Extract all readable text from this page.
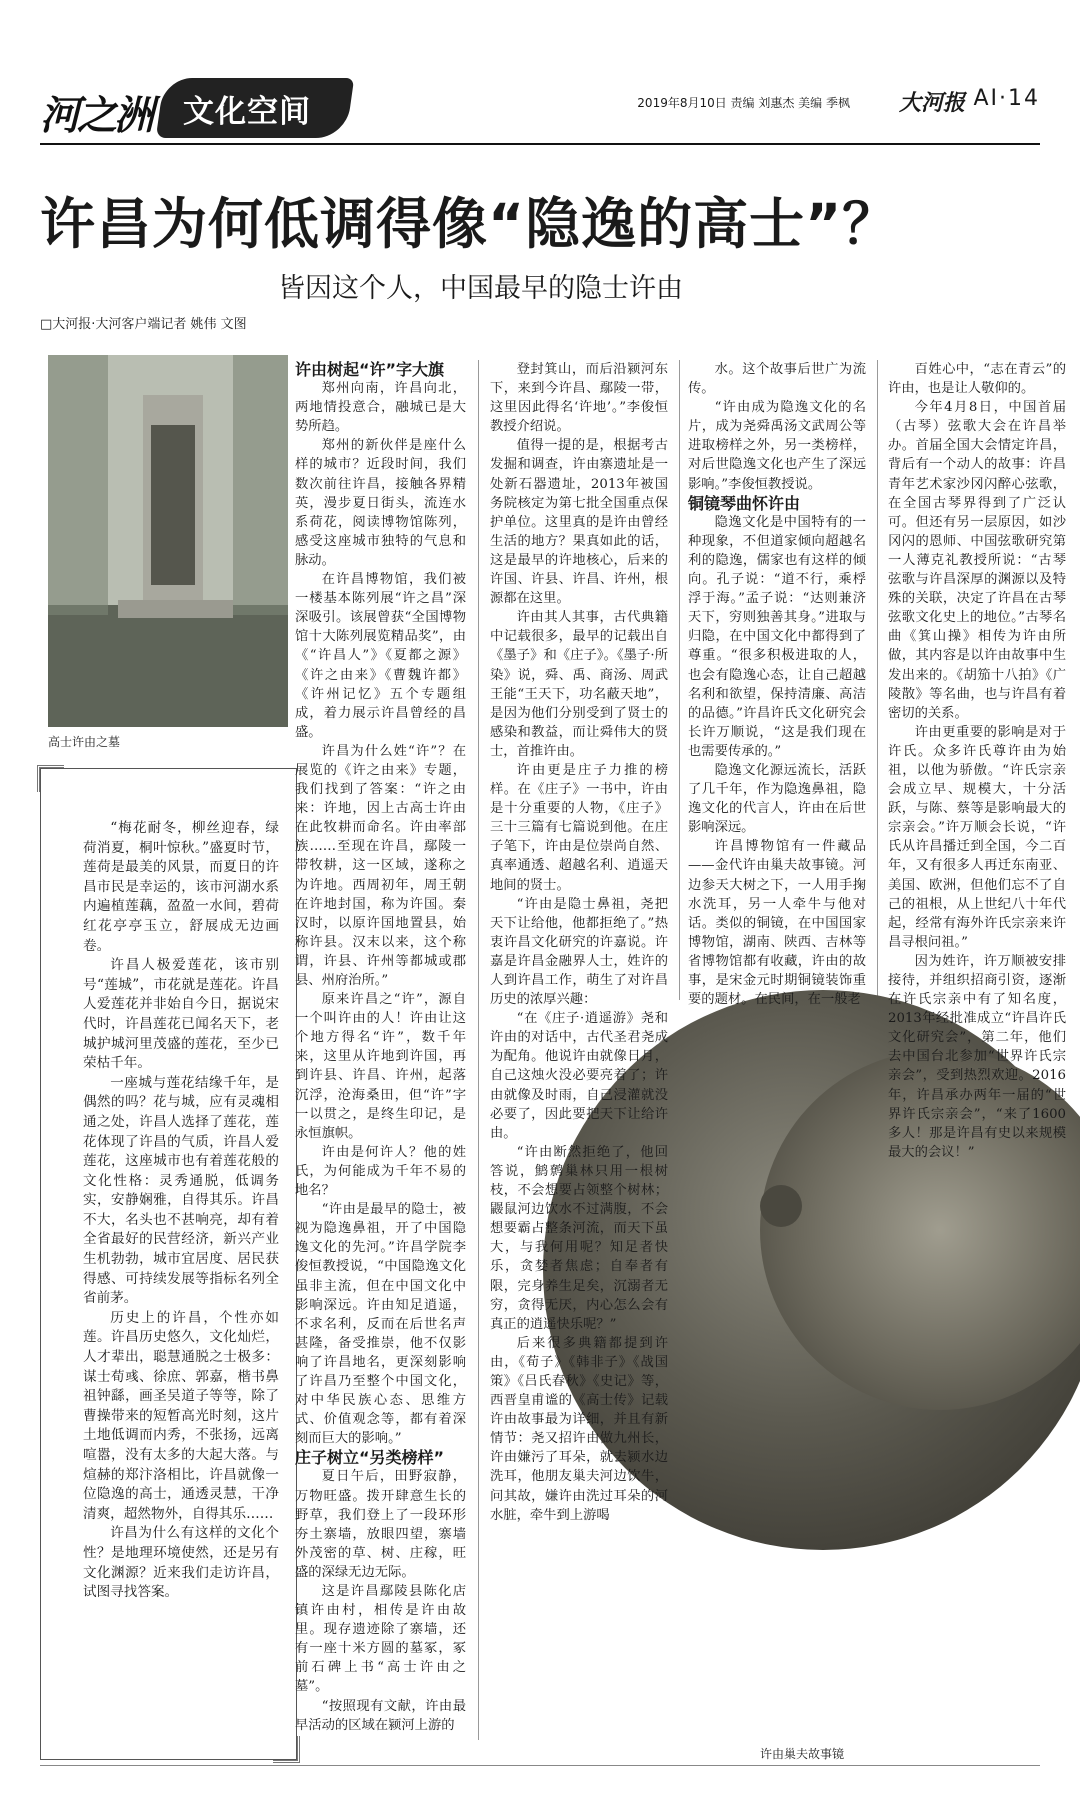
河之洲 文化空间	2019年8月10日 责编 刘惠杰 美编 季枫 大河报 AI·14
许昌为何低调得像“隐逸的高士”？
皆因这个人，中国最早的隐士许由
□大河报·大河客户端记者 姚伟 文图
高士许由之墓

“梅花耐冬，柳丝迎春，绿荷消夏，桐叶惊秋。”盛夏时节，莲荷是最美的风景，而夏日的许昌市民是幸运的，该市河湖水系内遍植莲藕，盈盈一水间，碧荷红花亭亭玉立，舒展成无边画卷。

许昌人极爱莲花，该市别号“莲城”，市花就是莲花。许昌人爱莲花并非始自今日，据说宋代时，许昌莲花已闻名天下，老城护城河里茂盛的莲花，至少已荣枯千年。

一座城与莲花结缘千年，是偶然的吗？花与城，应有灵魂相通之处，许昌人选择了莲花，莲花体现了许昌的气质，许昌人爱莲花，这座城市也有着莲花般的文化性格：灵秀通脱，低调务实，安静娴雅，自得其乐。许昌不大，名头也不甚响亮，却有着全省最好的民营经济，新兴产业生机勃勃，城市宜居度、居民获得感、可持续发展等指标名列全省前茅。

历史上的许昌，个性亦如莲。许昌历史悠久，文化灿烂，人才辈出，聪慧通脱之士极多：谋士荀彧、徐庶、郭嘉，楷书鼻祖钟繇，画圣吴道子等等，除了曹操带来的短暂高光时刻，这片土地低调而内秀，不张扬，远离喧嚣，没有太多的大起大落。与煊赫的郑汴洛相比，许昌就像一位隐逸的高士，通透灵慧，干净清爽，超然物外，自得其乐……

许昌为什么有这样的文化个性？是地理环境使然，还是另有文化渊源？近来我们走访许昌，试图寻找答案。

许由树起“许”字大旗

郑州向南，许昌向北，两地情投意合，融城已是大势所趋。

郑州的新伙伴是座什么样的城市？近段时间，我们数次前往许昌，接触各界精英，漫步夏日街头，流连水系荷花，阅读博物馆陈列，感受这座城市独特的气息和脉动。

在许昌博物馆，我们被一楼基本陈列展“许之昌”深深吸引。该展曾获“全国博物馆十大陈列展览精品奖”，由《“许昌人”》《夏都之源》《许之由来》《曹魏许都》《许州记忆》五个专题组成，着力展示许昌曾经的昌盛。

许昌为什么姓“许”？在展览的《许之由来》专题，我们找到了答案：“许之由来：许地，因上古高士许由在此牧耕而命名。许由率部族……至现在许昌，鄢陵一带牧耕，这一区域，遂称之为许地。西周初年，周王朝在许地封国，称为许国。秦汉时，以原许国地置县，始称许县。汉末以来，这个称谓，许县、许州等都城或郡县、州府治所。”

原来许昌之“许”，源自一个叫许由的人！许由让这个地方得名“许”，数千年来，这里从许地到许国，再到许县、许昌、许州，起落沉浮，沧海桑田，但“许”字一以贯之，是终生印记，是永恒旗帜。

许由是何许人？他的姓氏，为何能成为千年不易的地名？

“许由是最早的隐士，被视为隐逸鼻祖，开了中国隐逸文化的先河。”许昌学院李俊恒教授说，“中国隐逸文化虽非主流，但在中国文化中影响深远。许由知足逍遥，不求名利，反而在后世名声甚隆，备受推崇，他不仅影响了许昌地名，更深刻影响了许昌乃至整个中国文化，对中华民族心态、思维方式、价值观念等，都有着深刻而巨大的影响。”

庄子树立“另类榜样”

夏日午后，田野寂静，万物旺盛。拨开肆意生长的野草，我们登上了一段环形夯土寨墙，放眼四望，寨墙外茂密的草、树、庄稼，旺盛的深绿无边无际。

这是许昌鄢陵县陈化店镇许由村，相传是许由故里。现存遗迹除了寨墙，还有一座十米方圆的墓冢，冢前石碑上书“高士许由之墓”。

“按照现有文献，许由最早活动的区域在颍河上游的

登封箕山，而后沿颍河东下，来到今许昌、鄢陵一带，这里因此得名‘许地’。”李俊恒教授介绍说。

值得一提的是，根据考古发掘和调查，许由寨遗址是一处新石器遗址，2013年被国务院核定为第七批全国重点保护单位。这里真的是许由曾经生活的地方？果真如此的话，这是最早的许地核心，后来的许国、许县、许昌、许州，根源都在这里。

许由其人其事，古代典籍中记载很多，最早的记载出自《墨子》和《庄子》。《墨子·所染》说，舜、禹、商汤、周武王能“王天下，功名蔽天地”，是因为他们分别受到了贤士的感染和教益，而让舜伟大的贤士，首推许由。

许由更是庄子力推的榜样。在《庄子》一书中，许由是十分重要的人物，《庄子》三十三篇有七篇说到他。在庄子笔下，许由是位崇尚自然、真率通透、超越名利、逍遥天地间的贤士。

“许由是隐士鼻祖，尧把天下让给他，他都拒绝了。”热衷许昌文化研究的许嘉说。许嘉是许昌金融界人士，姓许的人到许昌工作，萌生了对许昌历史的浓厚兴趣：

“在《庄子·逍遥游》尧和许由的对话中，古代圣君尧成为配角。他说许由就像日月，自己这烛火没必要亮着了；许由就像及时雨，自己浸灌就没必要了，因此要把天下让给许由。

“许由断然拒绝了，他回答说，鹪鹩巢林只用一根树枝，不会想要占领整个树林；鼹鼠河边饮水不过满腹，不会想要霸占整条河流，而天下虽大，与我何用呢？知足者快乐，贪婪者焦虑；自奉者有限，完身养生足矣，沉溺者无穷，贪得无厌，内心怎么会有真正的逍遥快乐呢？”

后来很多典籍都提到许由，《荀子》《韩非子》《战国策》《吕氏春秋》《史记》等，西晋皇甫谧的《高士传》记载许由故事最为详细，并且有新情节：尧又招许由做九州长，许由嫌污了耳朵，就去颍水边洗耳，他朋友巢夫河边饮牛，问其故，嫌许由洗过耳朵的河水脏，牵牛到上游喝

水。这个故事后世广为流传。

“许由成为隐逸文化的名片，成为尧舜禹汤文武周公等进取榜样之外，另一类榜样，对后世隐逸文化也产生了深远影响。”李俊恒教授说。

铜镜琴曲怀许由

隐逸文化是中国特有的一种现象，不但道家倾向超越名利的隐逸，儒家也有这样的倾向。孔子说：“道不行，乘桴浮于海。”孟子说：“达则兼济天下，穷则独善其身。”进取与归隐，在中国文化中都得到了尊重。“很多积极进取的人，也会有隐逸心态，让自己超越名利和欲望，保持清廉、高洁的品德。”许昌许氏文化研究会长许万顺说，“这是我们现在也需要传承的。”

隐逸文化源远流长，活跃了几千年，作为隐逸鼻祖，隐逸文化的代言人，许由在后世影响深远。

许昌博物馆有一件藏品——金代许由巢夫故事镜。河边参天大树之下，一人用手掬水洗耳，另一人牵牛与他对话。类似的铜镜，在中国国家博物馆，湖南、陕西、吉林等省博物馆都有收藏，许由的故事，是宋金元时期铜镜装饰重要的题材。在民间，在一般老

百姓心中，“志在青云”的许由，也是让人敬仰的。

今年4月8日，中国首届（古琴）弦歌大会在许昌举办。首届全国大会情定许昌，背后有一个动人的故事：许昌青年艺术家沙冈闪醉心弦歌，在全国古琴界得到了广泛认可。但还有另一层原因，如沙冈闪的恩师、中国弦歌研究第一人薄克礼教授所说：“古琴弦歌与许昌深厚的渊源以及特殊的关联，决定了许昌在古琴弦歌文化史上的地位。”古琴名曲《箕山操》相传为许由所做，其内容是以许由故事中生发出来的。《胡笳十八拍》《广陵散》等名曲，也与许昌有着密切的关系。

许由更重要的影响是对于许氏。众多许氏尊许由为始祖，以他为骄傲。“许氏宗亲会成立早、规模大，十分活跃，与陈、蔡等是影响最大的宗亲会。”许万顺会长说，“许氏从许昌播迁到全国，今二百年，又有很多人再迁东南亚、美国、欧洲，但他们忘不了自己的祖根，从上世纪八十年代起，经常有海外许氏宗亲来许昌寻根问祖。”

因为姓许，许万顺被安排接待，并组织招商引资，逐渐在许氏宗亲中有了知名度，2013年经批准成立“许昌许氏文化研究会”，第二年，他们去中国台北参加“世界许氏宗亲会”，受到热烈欢迎。2016年，许昌承办两年一届的“世界许氏宗亲会”，“来了1600多人！那是许昌有史以来规模最大的会议！”

许由巢夫故事镜
